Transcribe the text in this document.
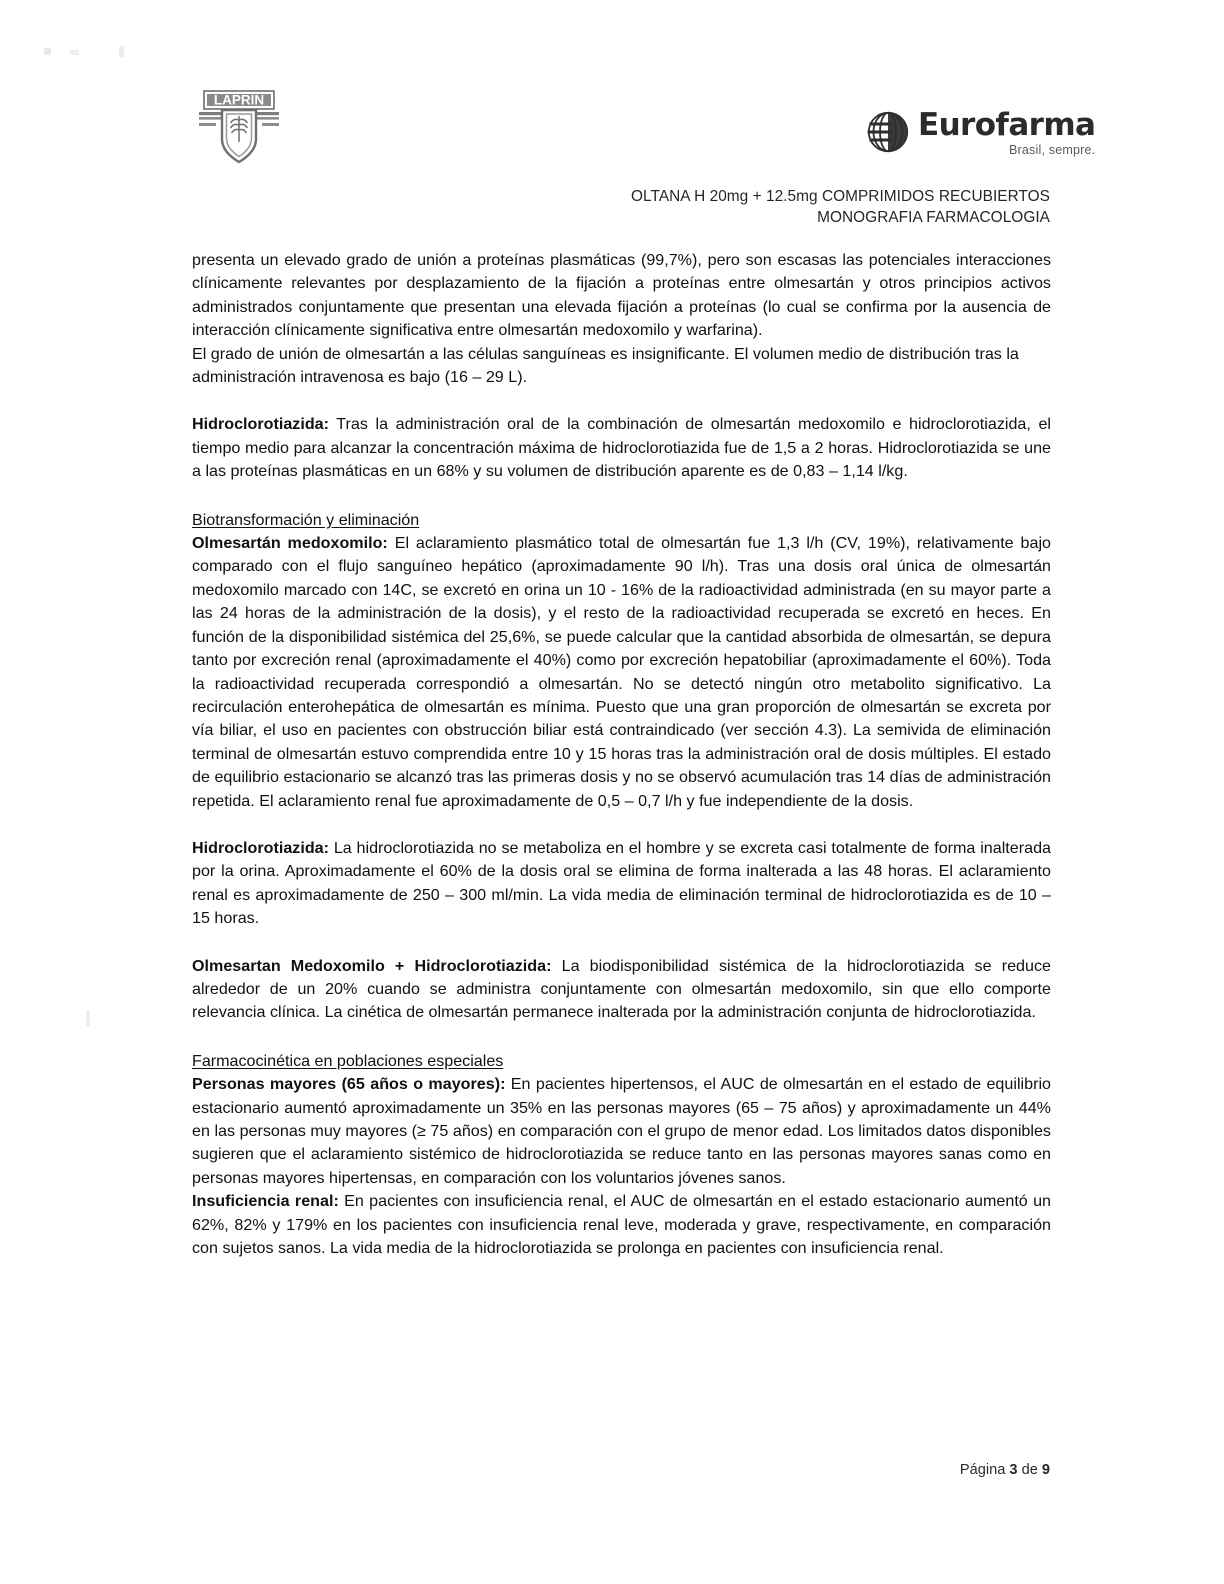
LAPRIN
Eurofarma
Brasil, sempre.
OLTANA H 20mg + 12.5mg COMPRIMIDOS RECUBIERTOS
MONOGRAFIA FARMACOLOGIA

presenta un elevado grado de unión a proteínas plasmáticas (99,7%), pero son escasas las potenciales interacciones clínicamente relevantes por desplazamiento de la fijación a proteínas entre olmesartán y otros principios activos administrados conjuntamente que presentan una elevada fijación a proteínas (lo cual se confirma por la ausencia de interacción clínicamente significativa entre olmesartán medoxomilo y warfarina).

El grado de unión de olmesartán a las células sanguíneas es insignificante. El volumen medio de distribución tras la administración intravenosa es bajo (16 – 29 L).

Hidroclorotiazida: Tras la administración oral de la combinación de olmesartán medoxomilo e hidroclorotiazida, el tiempo medio para alcanzar la concentración máxima de hidroclorotiazida fue de 1,5 a 2 horas. Hidroclorotiazida se une a las proteínas plasmáticas en un 68% y su volumen de distribución aparente es de 0,83 – 1,14 l/kg.

Biotransformación y eliminación

Olmesartán medoxomilo: El aclaramiento plasmático total de olmesartán fue 1,3 l/h (CV, 19%), relativamente bajo comparado con el flujo sanguíneo hepático (aproximadamente 90 l/h). Tras una dosis oral única de olmesartán medoxomilo marcado con 14C, se excretó en orina un 10 - 16% de la radioactividad administrada (en su mayor parte a las 24 horas de la administración de la dosis), y el resto de la radioactividad recuperada se excretó en heces. En función de la disponibilidad sistémica del 25,6%, se puede calcular que la cantidad absorbida de olmesartán, se depura tanto por excreción renal (aproximadamente el 40%) como por excreción hepatobiliar (aproximadamente el 60%). Toda la radioactividad recuperada correspondió a olmesartán. No se detectó ningún otro metabolito significativo. La recirculación enterohepática de olmesartán es mínima. Puesto que una gran proporción de olmesartán se excreta por vía biliar, el uso en pacientes con obstrucción biliar está contraindicado (ver sección 4.3). La semivida de eliminación terminal de olmesartán estuvo comprendida entre 10 y 15 horas tras la administración oral de dosis múltiples. El estado de equilibrio estacionario se alcanzó tras las primeras dosis y no se observó acumulación tras 14 días de administración repetida. El aclaramiento renal fue aproximadamente de 0,5 – 0,7 l/h y fue independiente de la dosis.

Hidroclorotiazida: La hidroclorotiazida no se metaboliza en el hombre y se excreta casi totalmente de forma inalterada por la orina. Aproximadamente el 60% de la dosis oral se elimina de forma inalterada a las 48 horas. El aclaramiento renal es aproximadamente de 250 – 300 ml/min. La vida media de eliminación terminal de hidroclorotiazida es de 10 – 15 horas.

Olmesartan Medoxomilo + Hidroclorotiazida: La biodisponibilidad sistémica de la hidroclorotiazida se reduce alrededor de un 20% cuando se administra conjuntamente con olmesartán medoxomilo, sin que ello comporte relevancia clínica. La cinética de olmesartán permanece inalterada por la administración conjunta de hidroclorotiazida.

Farmacocinética en poblaciones especiales

Personas mayores (65 años o mayores): En pacientes hipertensos, el AUC de olmesartán en el estado de equilibrio estacionario aumentó aproximadamente un 35% en las personas mayores (65 – 75 años) y aproximadamente un 44% en las personas muy mayores (≥ 75 años) en comparación con el grupo de menor edad. Los limitados datos disponibles sugieren que el aclaramiento sistémico de hidroclorotiazida se reduce tanto en las personas mayores sanas como en personas mayores hipertensas, en comparación con los voluntarios jóvenes sanos.

Insuficiencia renal: En pacientes con insuficiencia renal, el AUC de olmesartán en el estado estacionario aumentó un 62%, 82% y 179% en los pacientes con insuficiencia renal leve, moderada y grave, respectivamente, en comparación con sujetos sanos. La vida media de la hidroclorotiazida se prolonga en pacientes con insuficiencia renal.

Página 3 de 9
